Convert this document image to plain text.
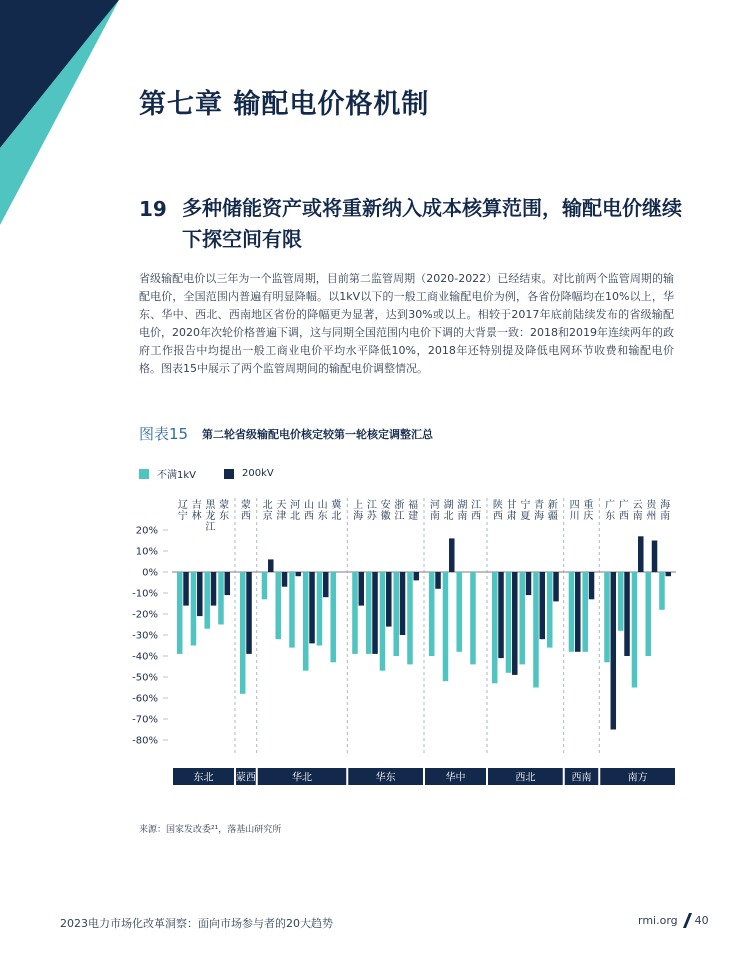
第七章 输配电价格机制
19 多种储能资产或将重新纳入成本核算范围，输配电价继续下探空间有限
省级输配电价以三年为一个监管周期，目前第二监管周期（2020-2022）已经结束。对比前两个监管周期的输配电价，全国范围内普遍有明显降幅。以1kV以下的一般工商业输配电价为例，各省份降幅均在10%以上，华东、华中、西北、西南地区省份的降幅更为显著，达到30%或以上。相较于2017年底前陆续发布的省级输配电价，2020年次轮价格普遍下调，这与同期全国范围内电价下调的大背景一致：2018和2019年连续两年的政府工作报告中均提出一般工商业电价平均水平降低10%，2018年还特别提及降低电网环节收费和输配电价格。图表15中展示了两个监管周期间的输配电价调整情况。
图表15 第二轮省级输配电价核定较第一轮核定调整汇总
不满1kV	200kV
20%
10%
0%
-10%
-20%
-30%
-40%
-50%
-60%
-70%
-80%
辽
宁
吉
林
黑
龙
江
蒙
东
东北
蒙
西
蒙西
北
京
天
津
河
北
山
西
山
东
冀
北
华北
上
海
江
苏
安
徽
浙
江
福
建
华东
河
南
湖
北
湖
南
江
西
华中
陕
西
甘
肃
宁
夏
青
海
新
疆
西北
四
川
重
庆
西南
广
东
广
西
云
南
贵
州
海
南
南方
来源：国家发改委²¹，落基山研究所
2023电力市场化改革洞察：面向市场参与者的20大趋势	rmi.org 40
